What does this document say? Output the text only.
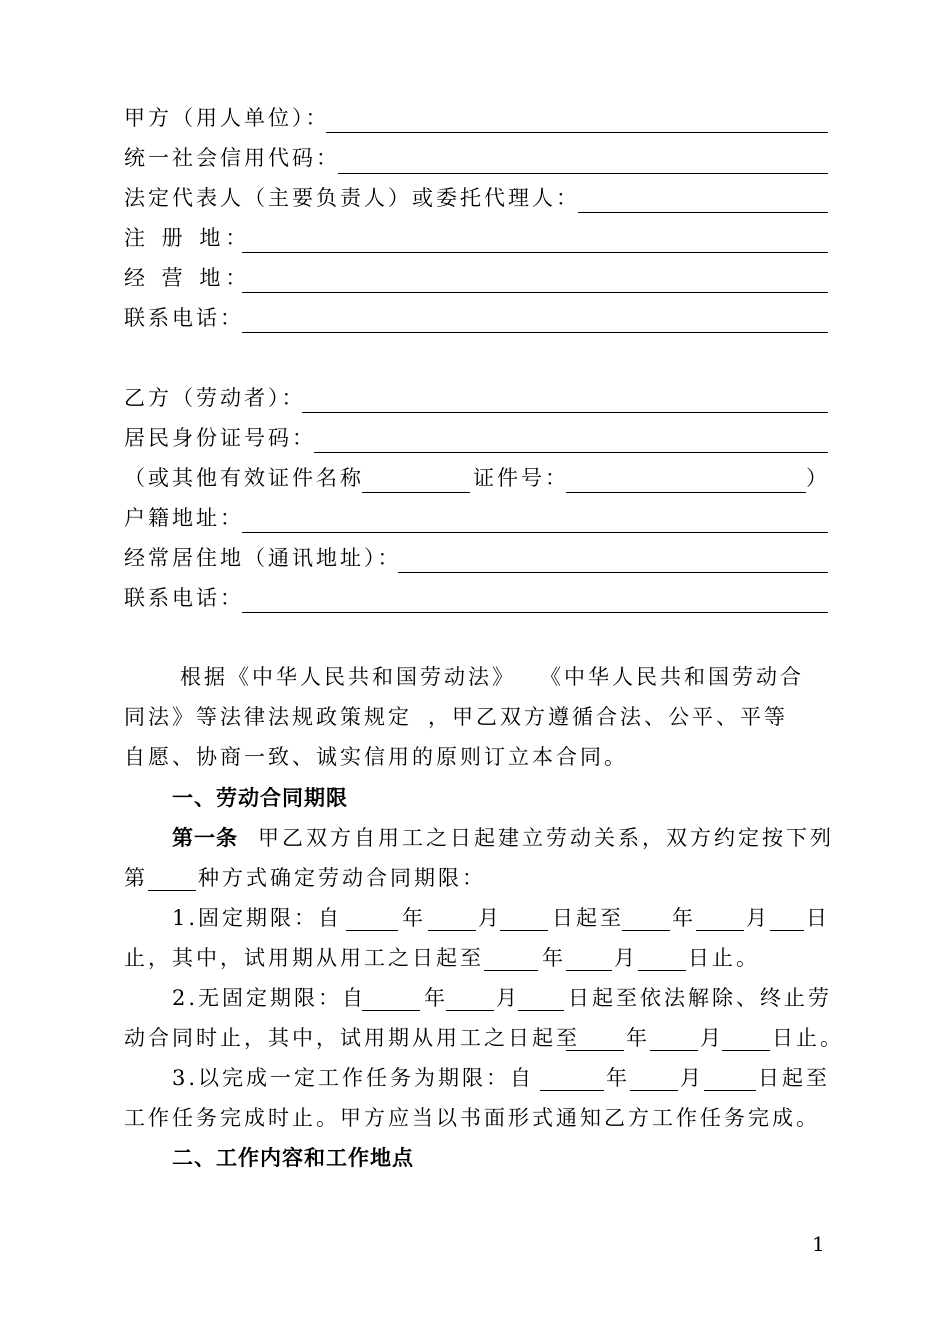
甲方（用人单位）：
统一社会信用代码：
法定代表人（主要负责人）或委托代理人：
注 册 地：
经 营 地：
联系电话：
乙方（劳动者）：
居民身份证号码：
（或其他有效证件名称	证件号：	）
户籍地址：
经常居住地（通讯地址）：
联系电话：
根据《中华人民共和国劳动法》 《中华人民共和国劳动合
同法》等法律法规政策规定 ，甲乙双方遵循合法、公平、平等
自愿、协商一致、诚实信用的原则订立本合同。
一、劳动合同期限
第一条 甲乙双方自用工之日起建立劳动关系，双方约定按下列
第 种方式确定劳动合同期限：
1.固定期限：自	年 月 日起至 年 月 日
止，其中，试用期从用工之日起至	年 月 日止。
2.无固定期限：自	年 月 日起至依法解除、终止劳
动合同时止，其中，试用期从用工之日起至 年 月 日止。
3.以完成一定工作任务为期限：自	年 月	日起至
工作任务完成时止。甲方应当以书面形式通知乙方工作任务完成。
二、工作内容和工作地点
1
